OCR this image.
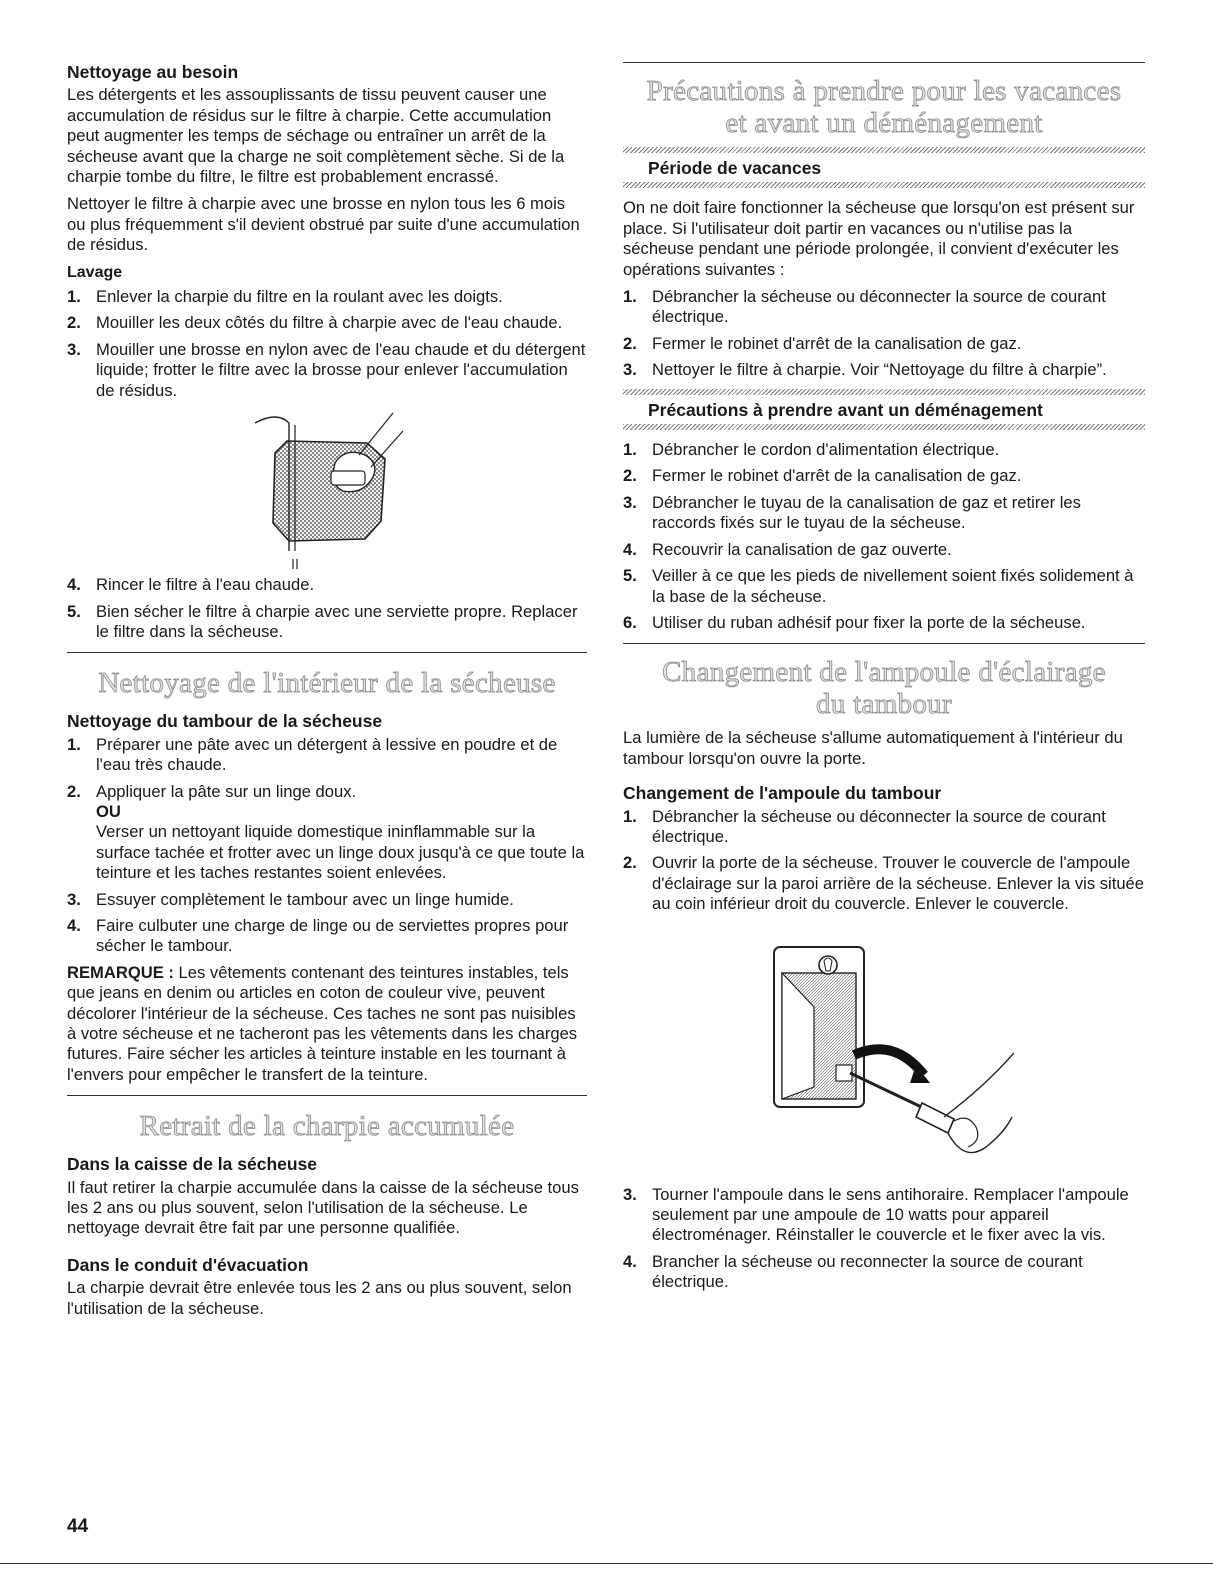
Nettoyage au besoin

Les détergents et les assouplissants de tissu peuvent causer une accumulation de résidus sur le filtre à charpie. Cette accumulation peut augmenter les temps de séchage ou entraîner un arrêt de la sécheuse avant que la charge ne soit complètement sèche. Si de la charpie tombe du filtre, le filtre est probablement encrassé.

Nettoyer le filtre à charpie avec une brosse en nylon tous les 6 mois ou plus fréquemment s'il devient obstrué par suite d'une accumulation de résidus.

Lavage
1. Enlever la charpie du filtre en la roulant avec les doigts.
2. Mouiller les deux côtés du filtre à charpie avec de l'eau chaude.
3. Mouiller une brosse en nylon avec de l'eau chaude et du détergent liquide; frotter le filtre avec la brosse pour enlever l'accumulation de résidus.
4. Rincer le filtre à l'eau chaude.
5. Bien sécher le filtre à charpie avec une serviette propre. Replacer le filtre dans la sécheuse.
Nettoyage de l'intérieur de la sécheuse
Nettoyage du tambour de la sécheuse
1. Préparer une pâte avec un détergent à lessive en poudre et de l'eau très chaude.
2. Appliquer la pâte sur un linge doux.
OU
Verser un nettoyant liquide domestique ininflammable sur la surface tachée et frotter avec un linge doux jusqu'à ce que toute la teinture et les taches restantes soient enlevées.
3. Essuyer complètement le tambour avec un linge humide.
4. Faire culbuter une charge de linge ou de serviettes propres pour sécher le tambour.

REMARQUE : Les vêtements contenant des teintures instables, tels que jeans en denim ou articles en coton de couleur vive, peuvent décolorer l'intérieur de la sécheuse. Ces taches ne sont pas nuisibles à votre sécheuse et ne tacheront pas les vêtements dans les charges futures. Faire sécher les articles à teinture instable en les tournant à l'envers pour empêcher le transfert de la teinture.

Retrait de la charpie accumulée
Dans la caisse de la sécheuse

Il faut retirer la charpie accumulée dans la caisse de la sécheuse tous les 2 ans ou plus souvent, selon l'utilisation de la sécheuse. Le nettoyage devrait être fait par une personne qualifiée.

Dans le conduit d'évacuation

La charpie devrait être enlevée tous les 2 ans ou plus souvent, selon l'utilisation de la sécheuse.

Précautions à prendre pour les vacances et avant un déménagement
Période de vacances

On ne doit faire fonctionner la sécheuse que lorsqu'on est présent sur place. Si l'utilisateur doit partir en vacances ou n'utilise pas la sécheuse pendant une période prolongée, il convient d'exécuter les opérations suivantes :

1. Débrancher la sécheuse ou déconnecter la source de courant électrique.
2. Fermer le robinet d'arrêt de la canalisation de gaz.
3. Nettoyer le filtre à charpie. Voir “Nettoyage du filtre à charpie”.
Précautions à prendre avant un déménagement
1. Débrancher le cordon d'alimentation électrique.
2. Fermer le robinet d'arrêt de la canalisation de gaz.
3. Débrancher le tuyau de la canalisation de gaz et retirer les raccords fixés sur le tuyau de la sécheuse.
4. Recouvrir la canalisation de gaz ouverte.
5. Veiller à ce que les pieds de nivellement soient fixés solidement à la base de la sécheuse.
6. Utiliser du ruban adhésif pour fixer la porte de la sécheuse.
Changement de l'ampoule d'éclairage du tambour

La lumière de la sécheuse s'allume automatiquement à l'intérieur du tambour lorsqu'on ouvre la porte.

Changement de l'ampoule du tambour
1. Débrancher la sécheuse ou déconnecter la source de courant électrique.
2. Ouvrir la porte de la sécheuse. Trouver le couvercle de l'ampoule d'éclairage sur la paroi arrière de la sécheuse. Enlever la vis située au coin inférieur droit du couvercle. Enlever le couvercle.
3. Tourner l'ampoule dans le sens antihoraire. Remplacer l'ampoule seulement par une ampoule de 10 watts pour appareil électroménager. Réinstaller le couvercle et le fixer avec la vis.
4. Brancher la sécheuse ou reconnecter la source de courant électrique.
44
